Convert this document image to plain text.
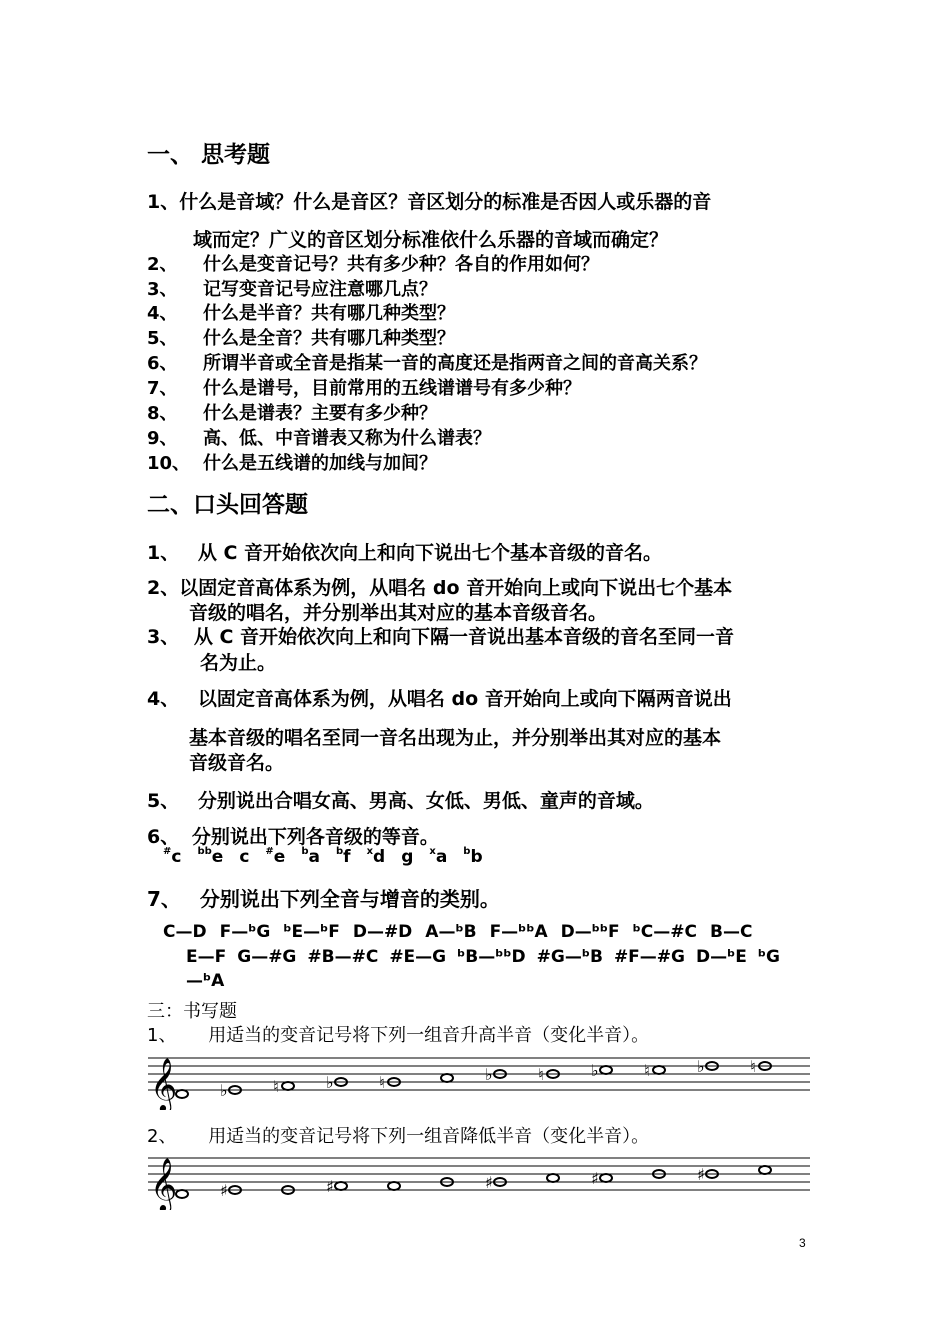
一、 思考题
1、什么是音域？什么是音区？音区划分的标准是否因人或乐器的音
域而定？广义的音区划分标准依什么乐器的音域而确定？
2、 什么是变音记号？共有多少种？各自的作用如何？
3、 记写变音记号应注意哪几点？
4、 什么是半音？共有哪几种类型？
5、 什么是全音？共有哪几种类型？
6、 所谓半音或全音是指某一音的高度还是指两音之间的音高关系？
7、 什么是谱号，目前常用的五线谱谱号有多少种？
8、 什么是谱表？主要有多少种？
9、 高、低、中音谱表又称为什么谱表？
10、 什么是五线谱的加线与加间？
二、口头回答题
1、 从 C 音开始依次向上和向下说出七个基本音级的音名。
2、以固定音高体系为例，从唱名 do 音开始向上或向下说出七个基本
音级的唱名，并分别举出其对应的基本音级音名。
3、 从 C 音开始依次向上和向下隔一音说出基本音级的音名至同一音
名为止。
4、 以固定音高体系为例，从唱名 do 音开始向上或向下隔两音说出
基本音级的唱名至同一音名出现为止，并分别举出其对应的基本
音级音名。
5、 分别说出合唱女高、男高、女低、男低、童声的音域。
6、 分别说出下列各音级的等音。
#c $^{bb}$e c #e $^b$a $^b$f $^x$d g $^x$a $^b$b
7、 分别说出下列全音与增音的类别。
C—D F—ᵇG ᵇE—ᵇF D—#D A—ᵇB F—ᵇᵇA D—ᵇᵇF ᵇC—#C B—C
E—F G—#G #B—#C #E—G ᵇB—ᵇᵇD #G—ᵇB #F—#G D—ᵇE ᵇG
—ᵇA
三：书写题
1、 用适当的变音记号将下列一组音升高半音（变化半音）。
𝄞	♭	♮	♭	♮	♭	♮	♭	♮	♭	♮
2、 用适当的变音记号将下列一组音降低半音（变化半音）。
𝄞	♯	♯	♯	♯	♯
3
